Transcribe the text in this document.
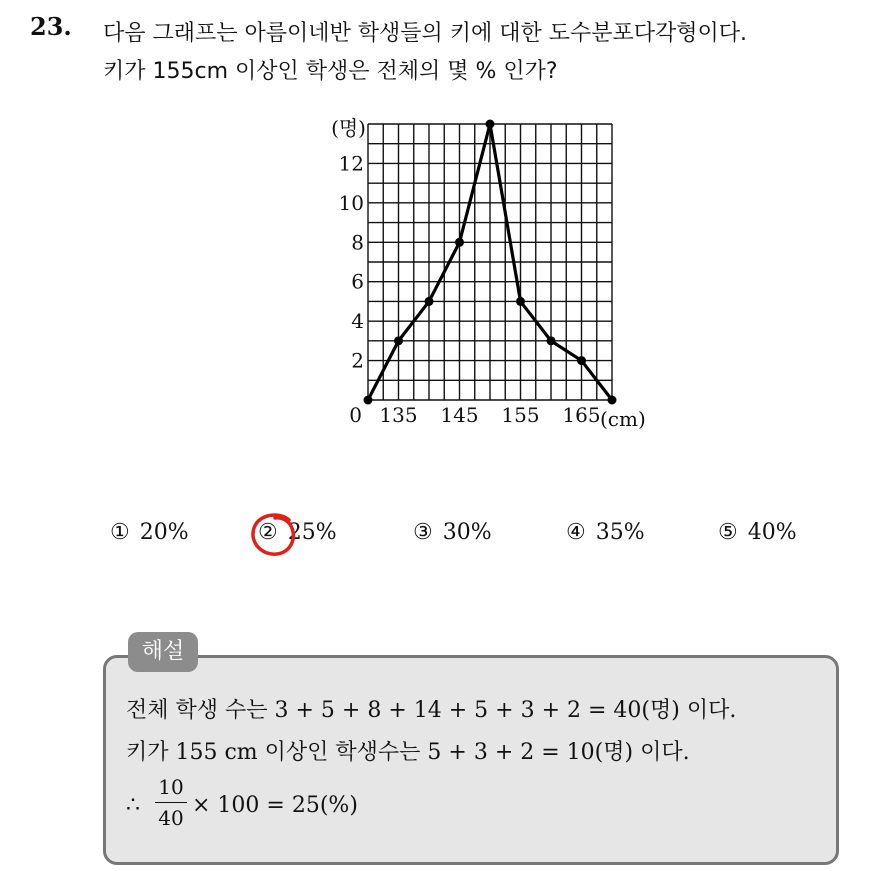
23. 다음 그래프는 아름이네반 학생들의 키에 대한 도수분포다각형이다.
키가 155cm 이상인 학생은 전체의 몇 % 인가?
2
4
6
8
10
12
(명)
0 135 145 155 165 (cm)
① 20%	② 25%	③ 30%	④ 35%	⑤ 40%
해설
전체 학생 수는 3 + 5 + 8 + 14 + 5 + 3 + 2 = 40(명) 이다.
키가 155 cm 이상인 학생수는 5 + 3 + 2 = 10(명) 이다.
∴
10
40 × 100 = 25(%)
